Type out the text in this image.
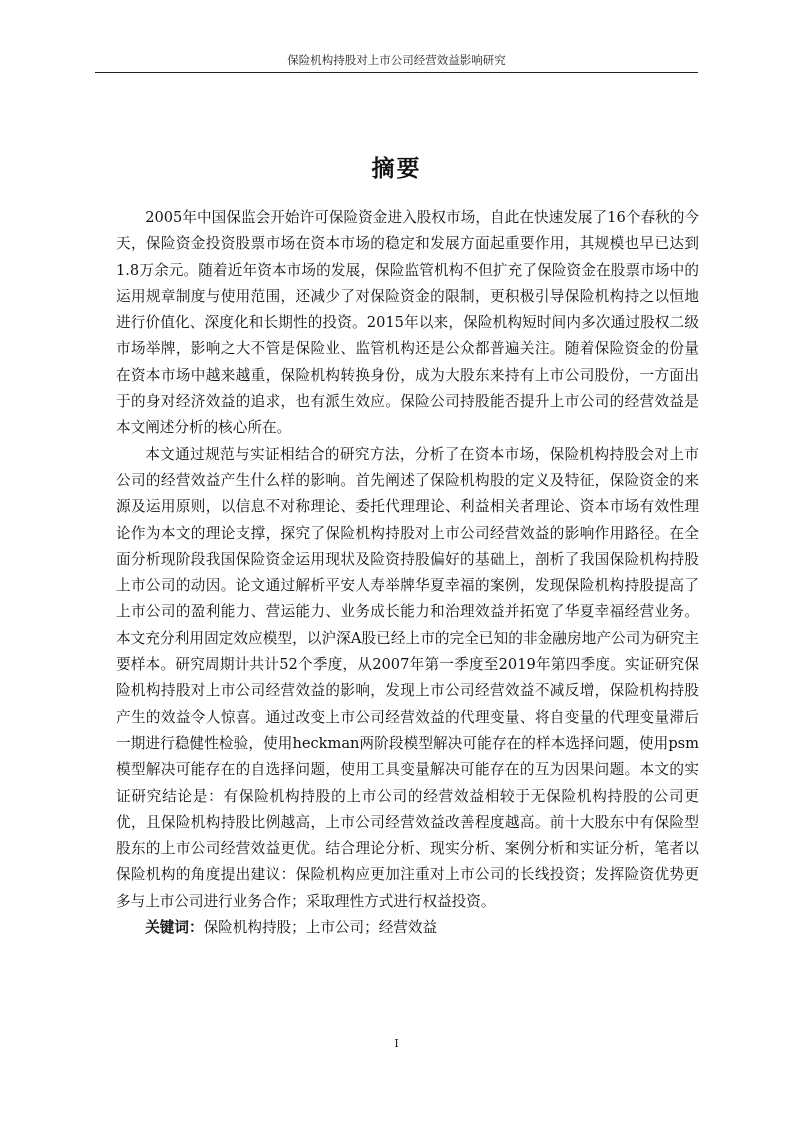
保险机构持股对上市公司经营效益影响研究
摘要

2005年中国保监会开始许可保险资金进入股权市场，自此在快速发展了16个春秋的今天，保险资金投资股票市场在资本市场的稳定和发展方面起重要作用，其规模也早已达到1.8万余元。随着近年资本市场的发展，保险监管机构不但扩充了保险资金在股票市场中的运用规章制度与使用范围，还减少了对保险资金的限制，更积极引导保险机构持之以恒地进行价值化、深度化和长期性的投资。2015年以来，保险机构短时间内多次通过股权二级市场举牌，影响之大不管是保险业、监管机构还是公众都普遍关注。随着保险资金的份量在资本市场中越来越重，保险机构转换身份，成为大股东来持有上市公司股份，一方面出于的身对经济效益的追求，也有派生效应。保险公司持股能否提升上市公司的经营效益是本文阐述分析的核心所在。

本文通过规范与实证相结合的研究方法，分析了在资本市场，保险机构持股会对上市公司的经营效益产生什么样的影响。首先阐述了保险机构股的定义及特征，保险资金的来源及运用原则，以信息不对称理论、委托代理理论、利益相关者理论、资本市场有效性理论作为本文的理论支撑，探究了保险机构持股对上市公司经营效益的影响作用路径。在全面分析现阶段我国保险资金运用现状及险资持股偏好的基础上，剖析了我国保险机构持股上市公司的动因。论文通过解析平安人寿举牌华夏幸福的案例，发现保险机构持股提高了上市公司的盈利能力、营运能力、业务成长能力和治理效益并拓宽了华夏幸福经营业务。本文充分利用固定效应模型，以沪深A股已经上市的完全已知的非金融房地产公司为研究主要样本。研究周期计共计52个季度，从2007年第一季度至2019年第四季度。实证研究保险机构持股对上市公司经营效益的影响，发现上市公司经营效益不减反增，保险机构持股产生的效益令人惊喜。通过改变上市公司经营效益的代理变量、将自变量的代理变量滞后一期进行稳健性检验，使用heckman两阶段模型解决可能存在的样本选择问题，使用psm模型解决可能存在的自选择问题，使用工具变量解决可能存在的互为因果问题。本文的实证研究结论是：有保险机构持股的上市公司的经营效益相较于无保险机构持股的公司更优，且保险机构持股比例越高，上市公司经营效益改善程度越高。前十大股东中有保险型股东的上市公司经营效益更优。结合理论分析、现实分析、案例分析和实证分析，笔者以保险机构的角度提出建议：保险机构应更加注重对上市公司的长线投资；发挥险资优势更多与上市公司进行业务合作；采取理性方式进行权益投资。

关键词：保险机构持股；上市公司；经营效益

I
